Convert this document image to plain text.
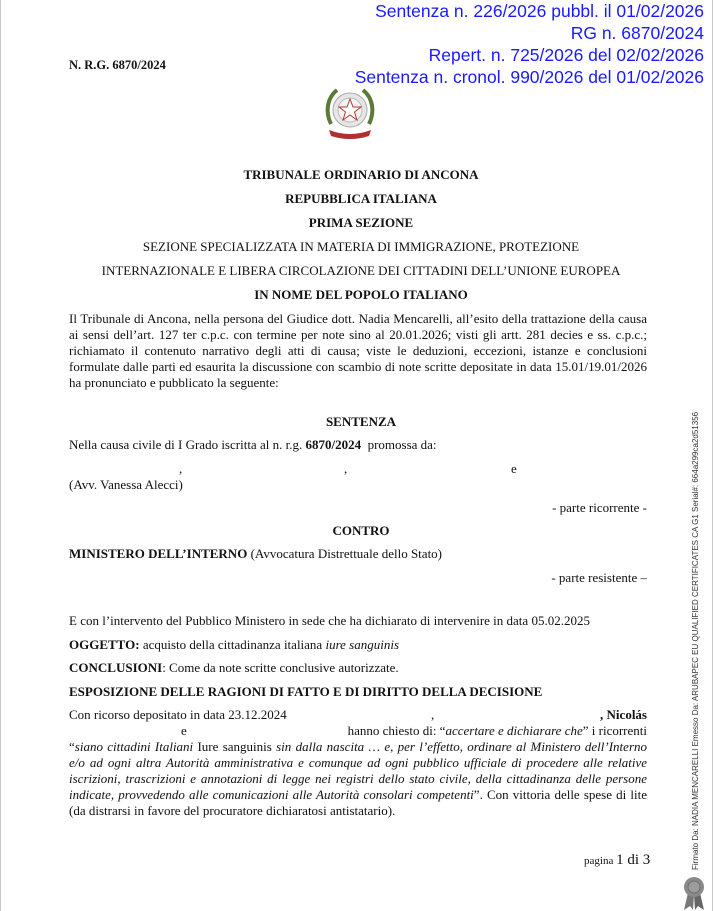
Sentenza n. 226/2026 pubbl. il 01/02/2026
RG n. 6870/2024
Repert. n. 725/2026 del 02/02/2026
Sentenza n. cronol. 990/2026 del 01/02/2026
N. R.G. 6870/2024
TRIBUNALE ORDINARIO DI ANCONA
REPUBBLICA ITALIANA
PRIMA SEZIONE
SEZIONE SPECIALIZZATA IN MATERIA DI IMMIGRAZIONE, PROTEZIONE
INTERNAZIONALE E LIBERA CIRCOLAZIONE DEI CITTADINI DELL’UNIONE EUROPEA
IN NOME DEL POPOLO ITALIANO
Il Tribunale di Ancona, nella persona del Giudice dott. Nadia Mencarelli, all’esito della trattazione della causa ai sensi dell’art. 127 ter c.p.c. con termine per note sino al 20.01.2026; visti gli artt. 281 decies e ss. c.p.c.; richiamato il contenuto narrativo degli atti di causa; viste le deduzioni, eccezioni, istanze e conclusioni formulate dalle parti ed esaurita la discussione con scambio di note scritte depositate in data 15.01/19.01/2026 ha pronunciato e pubblicato la seguente:
SENTENZA
Nella causa civile di I Grado iscritta al n. r.g. 6870/2024  promossa da:
,	,	e
(Avv. Vanessa Alecci)
- parte ricorrente -
CONTRO
MINISTERO DELL’INTERNO (Avvocatura Distrettuale dello Stato)
- parte resistente –
E con l’intervento del Pubblico Ministero in sede che ha dichiarato di intervenire in data 05.02.2025
OGGETTO: acquisto della cittadinanza italiana iure sanguinis
CONCLUSIONI: Come da note scritte conclusive autorizzate.
ESPOSIZIONE DELLE RAGIONI DI FATTO E DI DIRITTO DELLA DECISIONE
Con ricorso depositato in data 23.12.2024	,	, Nicolás
e	hanno chiesto di: “accertare e dichiarare che” i ricorrenti
“siano cittadini Italiani Iure sanguinis sin dalla nascita … e, per l’effetto, ordinare al Ministero dell’Interno e/o ad ogni altra Autorità amministrativa e comunque ad ogni pubblico ufficiale di procedere alle relative iscrizioni, trascrizioni e annotazioni di legge nei registri dello stato civile, della cittadinanza delle persone indicate, provvedendo alle comunicazioni alle Autorità consolari competenti”. Con vittoria delle spese di lite (da distrarsi in favore del procuratore dichiaratosi antistatario).
pagina 1 di 3	Firmato Da: NADIA MENCARELLI Emesso Da: ARUBAPEC EU QUALIFIED CERTIFICATES CA G1 Serial#: 664a299ca2d51356
